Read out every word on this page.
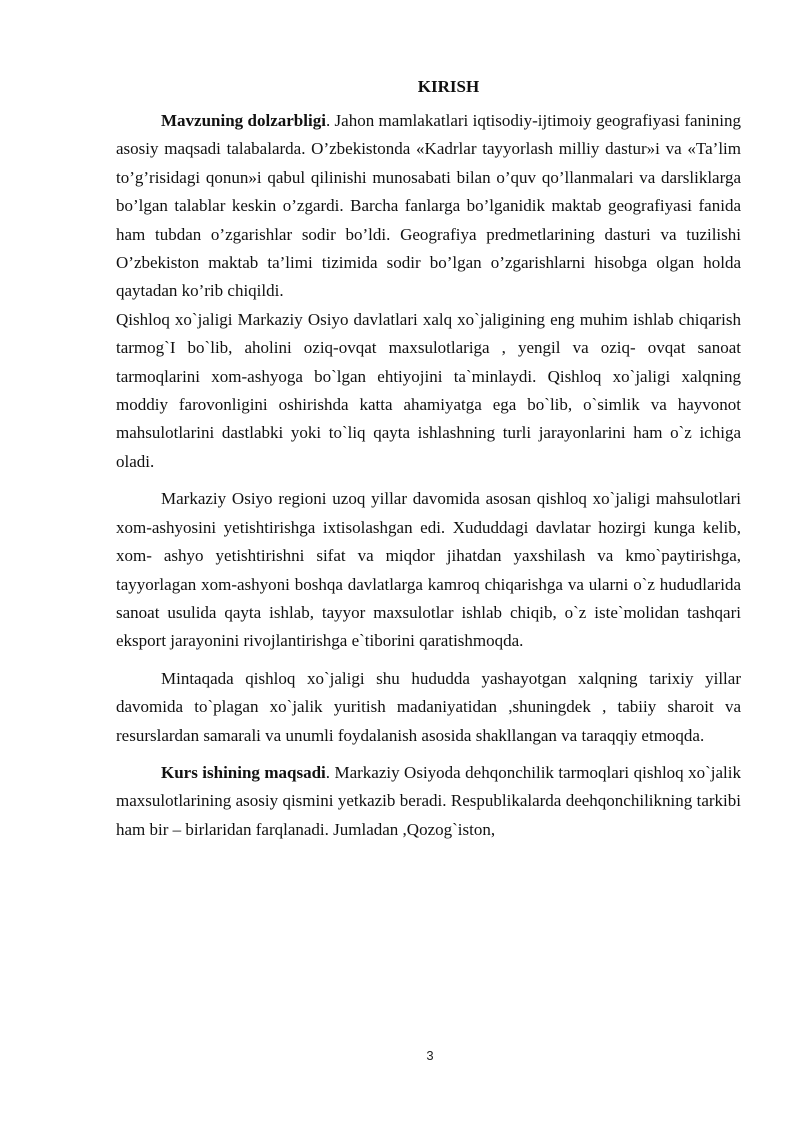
KIRISH

Mavzuning dolzarbligi. Jahon mamlakatlari iqtisodiy-ijtimoiy geografiyasi fanining asosiy maqsadi talabalarda. O’zbekistonda «Kadrlar tayyorlash milliy dastur»i va «Ta’lim to’g’risidagi qonun»i qabul qilinishi munosabati bilan o’quv qo’llanmalari va darsliklarga bo’lgan talablar keskin o’zgardi. Barcha fanlarga bo’lganidik maktab geografiyasi fanida ham tubdan o’zgarishlar sodir bo’ldi. Geografiya predmetlarining dasturi va tuzilishi O’zbekiston maktab ta’limi tizimida sodir bo’lgan o’zgarishlarni hisobga olgan holda qaytadan ko’rib chiqildi.

Qishloq xo`jaligi Markaziy Osiyo davlatlari xalq xo`jaligining eng muhim ishlab chiqarish tarmog`I bo`lib, aholini oziq-ovqat maxsulotlariga , yengil va oziq- ovqat sanoat tarmoqlarini xom-ashyoga bo`lgan ehtiyojini ta`minlaydi. Qishloq xo`jaligi xalqning moddiy farovonligini oshirishda katta ahamiyatga ega bo`lib, o`simlik va hayvonot mahsulotlarini dastlabki yoki to`liq qayta ishlashning turli jarayonlarini ham o`z ichiga oladi.

Markaziy Osiyo regioni uzoq yillar davomida asosan qishloq xo`jaligi mahsulotlari xom-ashyosini yetishtirishga ixtisolashgan edi. Xududdagi davlatar hozirgi kunga kelib, xom- ashyo yetishtirishni sifat va miqdor jihatdan yaxshilash va kmo`paytirishga, tayyorlagan xom-ashyoni boshqa davlatlarga kamroq chiqarishga va ularni o`z hududlarida sanoat usulida qayta ishlab, tayyor maxsulotlar ishlab chiqib, o`z iste`molidan tashqari eksport jarayonini rivojlantirishga e`tiborini qaratishmoqda.

Mintaqada qishloq xo`jaligi shu hududda yashayotgan xalqning tarixiy yillar davomida to`plagan xo`jalik yuritish madaniyatidan ,shuningdek , tabiiy sharoit va resurslardan samarali va unumli foydalanish asosida shakllangan va taraqqiy etmoqda.

Kurs ishining maqsadi. Markaziy Osiyoda dehqonchilik tarmoqlari qishloq xo`jalik maxsulotlarining asosiy qismini yetkazib beradi. Respublikalarda deehqonchilikning tarkibi ham bir – birlaridan farqlanadi. Jumladan ,Qozog`iston,

3
